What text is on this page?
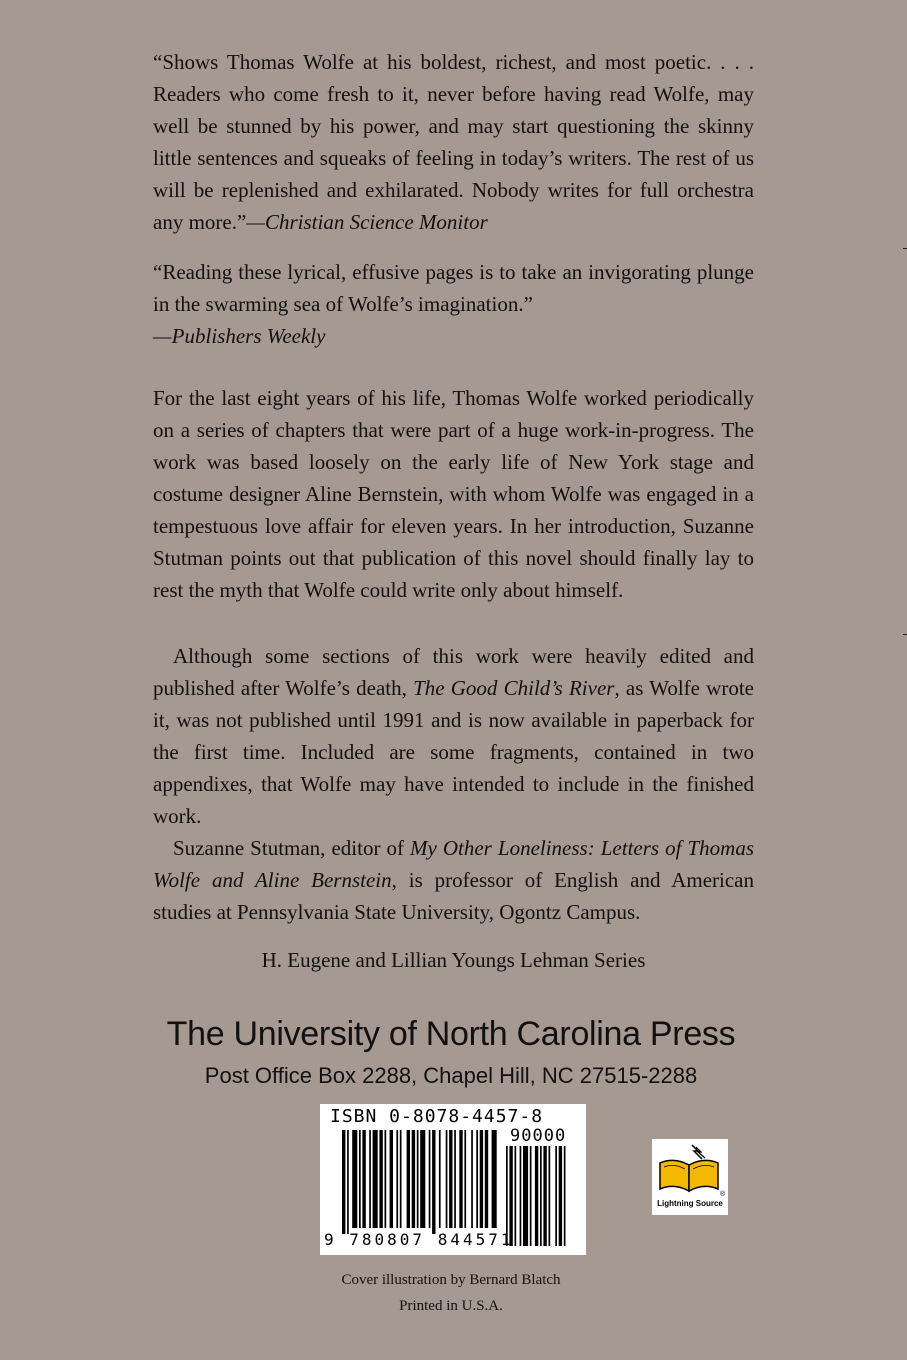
“Shows Thomas Wolfe at his boldest, richest, and most poetic. . . . Readers who come fresh to it, never before having read Wolfe, may well be stunned by his power, and may start questioning the skinny little sentences and squeaks of feeling in today’s writers. The rest of us will be replenished and exhilarated. Nobody writes for full orchestra any more.”—Christian Science Monitor

“Reading these lyrical, effusive pages is to take an invigorating plunge in the swarming sea of Wolfe’s imagination.”
—Publishers Weekly

For the last eight years of his life, Thomas Wolfe worked periodically on a series of chapters that were part of a huge work-in-progress. The work was based loosely on the early life of New York stage and costume designer Aline Bernstein, with whom Wolfe was engaged in a tempestuous love affair for eleven years. In her introduction, Suzanne Stutman points out that publication of this novel should finally lay to rest the myth that Wolfe could write only about himself.

Although some sections of this work were heavily edited and published after Wolfe’s death, The Good Child’s River, as Wolfe wrote it, was not published until 1991 and is now available in paperback for the first time. Included are some fragments, contained in two appendixes, that Wolfe may have intended to include in the finished work.

Suzanne Stutman, editor of My Other Loneliness: Letters of Thomas Wolfe and Aline Bernstein, is professor of English and American studies at Pennsylvania State University, Ogontz Campus.

H. Eugene and Lillian Youngs Lehman Series
The University of North Carolina Press
Post Office Box 2288, Chapel Hill, NC 27515-2288
ISBN 0-8078-4457-8
90000
9 780807 844571
Lightning Source
®
Cover illustration by Bernard Blatch
Printed in U.S.A.
